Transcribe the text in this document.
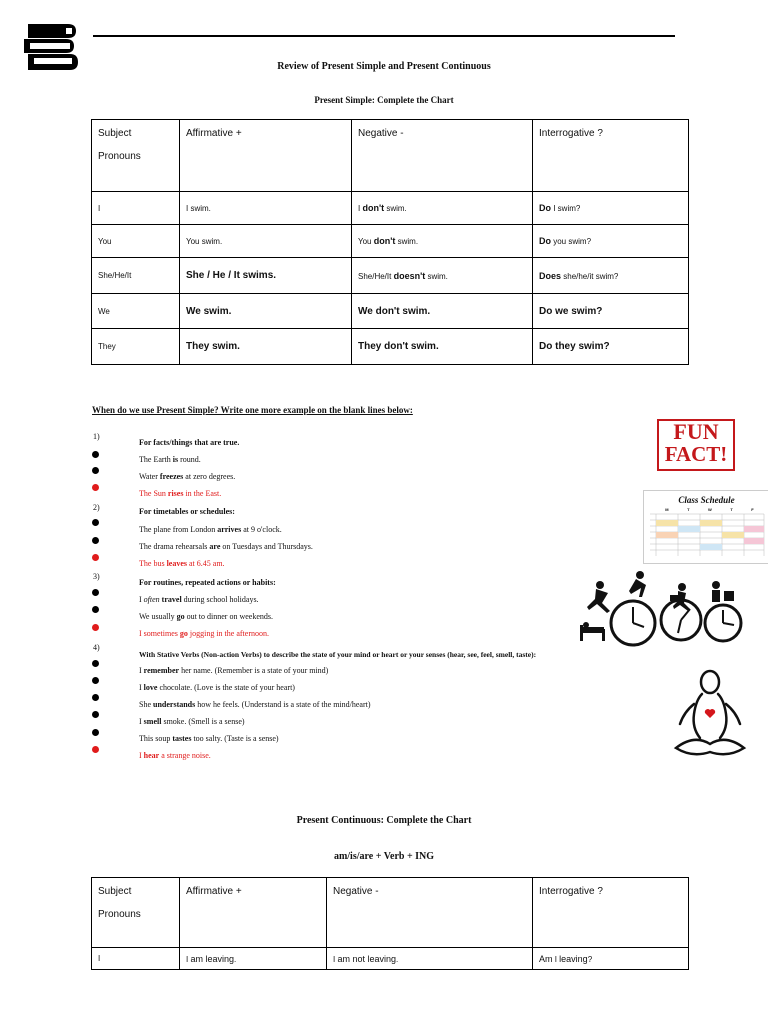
Review of Present Simple and Present Continuous
Present Simple: Complete the Chart
Subject
Pronouns	Affirmative +	Negative -	Interrogative ?
I	I swim.	I don't swim.	Do I swim?
You	You swim.	You don't swim.	Do you swim?
She/He/It	She / He / It swims.	She/He/It doesn't swim.	Does she/he/it swim?
We	We swim.	We don't swim.	Do we swim?
They	They swim.	They don't swim.	Do they swim?
When do we use Present Simple? Write one more example on the blank lines below:
1)
For facts/things that are true.
The Earth is round.
Water freezes at zero degrees.
The Sun rises in the East.
2)	For timetables or schedules:
The plane from London arrives at 9 o'clock.
The drama rehearsals are on Tuesdays and Thursdays.
The bus leaves at 6.45 am.
3)
For routines, repeated actions or habits:
I often travel during school holidays.
We usually go out to dinner on weekends.
I sometimes go jogging in the afternoon.
4)
With Stative Verbs (Non-action Verbs) to describe the state of your mind or heart or your senses (hear, see, feel, smell, taste):
I remember her name. (Remember is a state of your mind)
I love chocolate. (Love is the state of your heart)
She understands how he feels. (Understand is a state of the mind/heart)
I smell smoke. (Smell is a sense)
This soup tastes too salty. (Taste is a sense)
I hear a strange noise.
FUN
FACT!
Class Schedule
M	T	W	T	F
Present Continuous: Complete the Chart
am/is/are + Verb + ING
Subject
Pronouns	Affirmative +	Negative -	Interrogative ?
I	I am leaving.	I am not leaving.	Am I leaving?
